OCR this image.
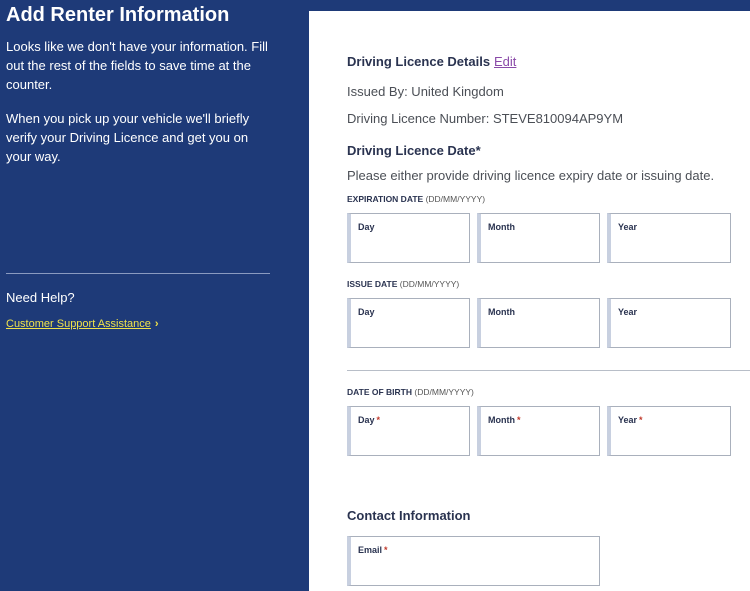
Add Renter Information

Looks like we don't have your information. Fill out the rest of the fields to save time at the counter.

When you pick up your vehicle we'll briefly verify your Driving Licence and get you on your way.

Need Help?
Customer Support Assistance ›
Driving Licence Details Edit
Issued By: United Kingdom
Driving Licence Number: STEVE810094AP9YM
Driving Licence Date*
Please either provide driving licence expiry date or issuing date.
EXPIRATION DATE (DD/MM/YYYY)
Day	Month	Year
ISSUE DATE (DD/MM/YYYY)
Day	Month	Year
DATE OF BIRTH (DD/MM/YYYY)
Day *	Month *	Year *
Contact Information
Email *
